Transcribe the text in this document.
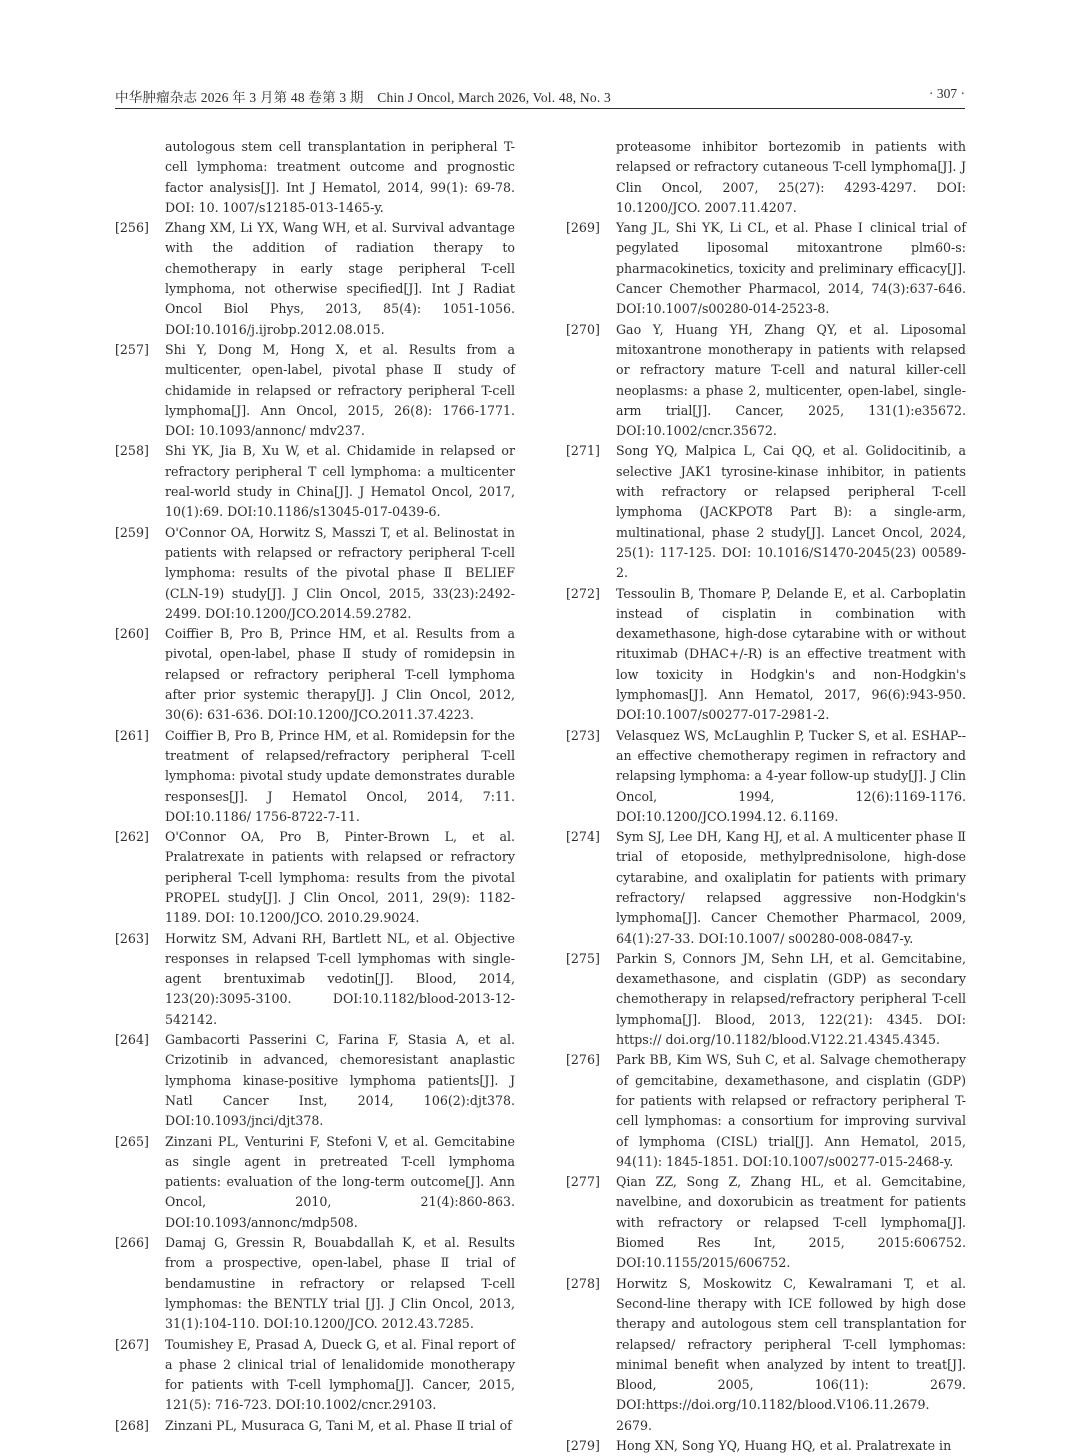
中华肿瘤杂志 2026 年 3 月第 48 卷第 3 期　Chin J Oncol, March 2026, Vol. 48, No. 3	· 307 ·
autologous stem cell transplantation in peripheral T-cell lymphoma: treatment outcome and prognostic factor analysis[J]. Int J Hematol, 2014, 99(1): 69-78. DOI: 10. 1007/s12185-013-1465-y.
[256] Zhang XM, Li YX, Wang WH, et al. Survival advantage with the addition of radiation therapy to chemotherapy in early stage peripheral T-cell lymphoma, not otherwise specified[J]. Int J Radiat Oncol Biol Phys, 2013, 85(4): 1051-1056. DOI:10.1016/j.ijrobp.2012.08.015.
[257] Shi Y, Dong M, Hong X, et al. Results from a multicenter, open-label, pivotal phase Ⅱ study of chidamide in relapsed or refractory peripheral T-cell lymphoma[J]. Ann Oncol, 2015, 26(8): 1766-1771. DOI: 10.1093/annonc/ mdv237.
[258] Shi YK, Jia B, Xu W, et al. Chidamide in relapsed or refractory peripheral T cell lymphoma: a multicenter real-world study in China[J]. J Hematol Oncol, 2017, 10(1):69. DOI:10.1186/s13045-017-0439-6.
[259] O'Connor OA, Horwitz S, Masszi T, et al. Belinostat in patients with relapsed or refractory peripheral T-cell lymphoma: results of the pivotal phase Ⅱ BELIEF (CLN-19) study[J]. J Clin Oncol, 2015, 33(23):2492-2499. DOI:10.1200/JCO.2014.59.2782.
[260] Coiffier B, Pro B, Prince HM, et al. Results from a pivotal, open-label, phase Ⅱ study of romidepsin in relapsed or refractory peripheral T-cell lymphoma after prior systemic therapy[J]. J Clin Oncol, 2012, 30(6): 631-636. DOI:10.1200/JCO.2011.37.4223.
[261] Coiffier B, Pro B, Prince HM, et al. Romidepsin for the treatment of relapsed/refractory peripheral T-cell lymphoma: pivotal study update demonstrates durable responses[J]. J Hematol Oncol, 2014, 7:11. DOI:10.1186/ 1756-8722-7-11.
[262] O'Connor OA, Pro B, Pinter-Brown L, et al. Pralatrexate in patients with relapsed or refractory peripheral T-cell lymphoma: results from the pivotal PROPEL study[J]. J Clin Oncol, 2011, 29(9): 1182-1189. DOI: 10.1200/JCO. 2010.29.9024.
[263] Horwitz SM, Advani RH, Bartlett NL, et al. Objective responses in relapsed T-cell lymphomas with single-agent brentuximab vedotin[J]. Blood, 2014, 123(20):3095-3100. DOI:10.1182/blood-2013-12-542142.
[264] Gambacorti Passerini C, Farina F, Stasia A, et al. Crizotinib in advanced, chemoresistant anaplastic lymphoma kinase-positive lymphoma patients[J]. J Natl Cancer Inst, 2014, 106(2):djt378. DOI:10.1093/jnci/djt378.
[265] Zinzani PL, Venturini F, Stefoni V, et al. Gemcitabine as single agent in pretreated T-cell lymphoma patients: evaluation of the long-term outcome[J]. Ann Oncol, 2010, 21(4):860-863. DOI:10.1093/annonc/mdp508.
[266] Damaj G, Gressin R, Bouabdallah K, et al. Results from a prospective, open-label, phase Ⅱ trial of bendamustine in refractory or relapsed T-cell lymphomas: the BENTLY trial [J]. J Clin Oncol, 2013, 31(1):104-110. DOI:10.1200/JCO. 2012.43.7285.
[267] Toumishey E, Prasad A, Dueck G, et al. Final report of a phase 2 clinical trial of lenalidomide monotherapy for patients with T-cell lymphoma[J]. Cancer, 2015, 121(5): 716-723. DOI:10.1002/cncr.29103.
[268] Zinzani PL, Musuraca G, Tani M, et al. Phase Ⅱ trial of
proteasome inhibitor bortezomib in patients with relapsed or refractory cutaneous T-cell lymphoma[J]. J Clin Oncol, 2007, 25(27): 4293-4297. DOI: 10.1200/JCO. 2007.11.4207.
[269] Yang JL, Shi YK, Li CL, et al. Phase Ⅰ clinical trial of pegylated liposomal mitoxantrone plm60-s: pharmacokinetics, toxicity and preliminary efficacy[J]. Cancer Chemother Pharmacol, 2014, 74(3):637-646. DOI:10.1007/s00280-014-2523-8.
[270] Gao Y, Huang YH, Zhang QY, et al. Liposomal mitoxantrone monotherapy in patients with relapsed or refractory mature T-cell and natural killer-cell neoplasms: a phase 2, multicenter, open-label, single-arm trial[J]. Cancer, 2025, 131(1):e35672. DOI:10.1002/cncr.35672.
[271] Song YQ, Malpica L, Cai QQ, et al. Golidocitinib, a selective JAK1 tyrosine-kinase inhibitor, in patients with refractory or relapsed peripheral T-cell lymphoma (JACKPOT8 Part B): a single-arm, multinational, phase 2 study[J]. Lancet Oncol, 2024, 25(1): 117-125. DOI: 10.1016/S1470-2045(23) 00589-2.
[272] Tessoulin B, Thomare P, Delande E, et al. Carboplatin instead of cisplatin in combination with dexamethasone, high-dose cytarabine with or without rituximab (DHAC+/-R) is an effective treatment with low toxicity in Hodgkin's and non-Hodgkin's lymphomas[J]. Ann Hematol, 2017, 96(6):943-950. DOI:10.1007/s00277-017-2981-2.
[273] Velasquez WS, McLaughlin P, Tucker S, et al. ESHAP--an effective chemotherapy regimen in refractory and relapsing lymphoma: a 4-year follow-up study[J]. J Clin Oncol, 1994, 12(6):1169-1176. DOI:10.1200/JCO.1994.12. 6.1169.
[274] Sym SJ, Lee DH, Kang HJ, et al. A multicenter phase Ⅱ trial of etoposide, methylprednisolone, high-dose cytarabine, and oxaliplatin for patients with primary refractory/ relapsed aggressive non-Hodgkin's lymphoma[J]. Cancer Chemother Pharmacol, 2009, 64(1):27-33. DOI:10.1007/ s00280-008-0847-y.
[275] Parkin S, Connors JM, Sehn LH, et al. Gemcitabine, dexamethasone, and cisplatin (GDP) as secondary chemotherapy in relapsed/refractory peripheral T-cell lymphoma[J]. Blood, 2013, 122(21): 4345. DOI: https:// doi.org/10.1182/blood.V122.21.4345.4345.
[276] Park BB, Kim WS, Suh C, et al. Salvage chemotherapy of gemcitabine, dexamethasone, and cisplatin (GDP) for patients with relapsed or refractory peripheral T-cell lymphomas: a consortium for improving survival of lymphoma (CISL) trial[J]. Ann Hematol, 2015, 94(11): 1845-1851. DOI:10.1007/s00277-015-2468-y.
[277] Qian ZZ, Song Z, Zhang HL, et al. Gemcitabine, navelbine, and doxorubicin as treatment for patients with refractory or relapsed T-cell lymphoma[J]. Biomed Res Int, 2015, 2015:606752. DOI:10.1155/2015/606752.
[278] Horwitz S, Moskowitz C, Kewalramani T, et al. Second-line therapy with ICE followed by high dose therapy and autologous stem cell transplantation for relapsed/ refractory peripheral T-cell lymphomas: minimal benefit when analyzed by intent to treat[J]. Blood, 2005, 106(11): 2679. DOI:https://doi.org/10.1182/blood.V106.11.2679. 2679.
[279] Hong XN, Song YQ, Huang HQ, et al. Pralatrexate in
